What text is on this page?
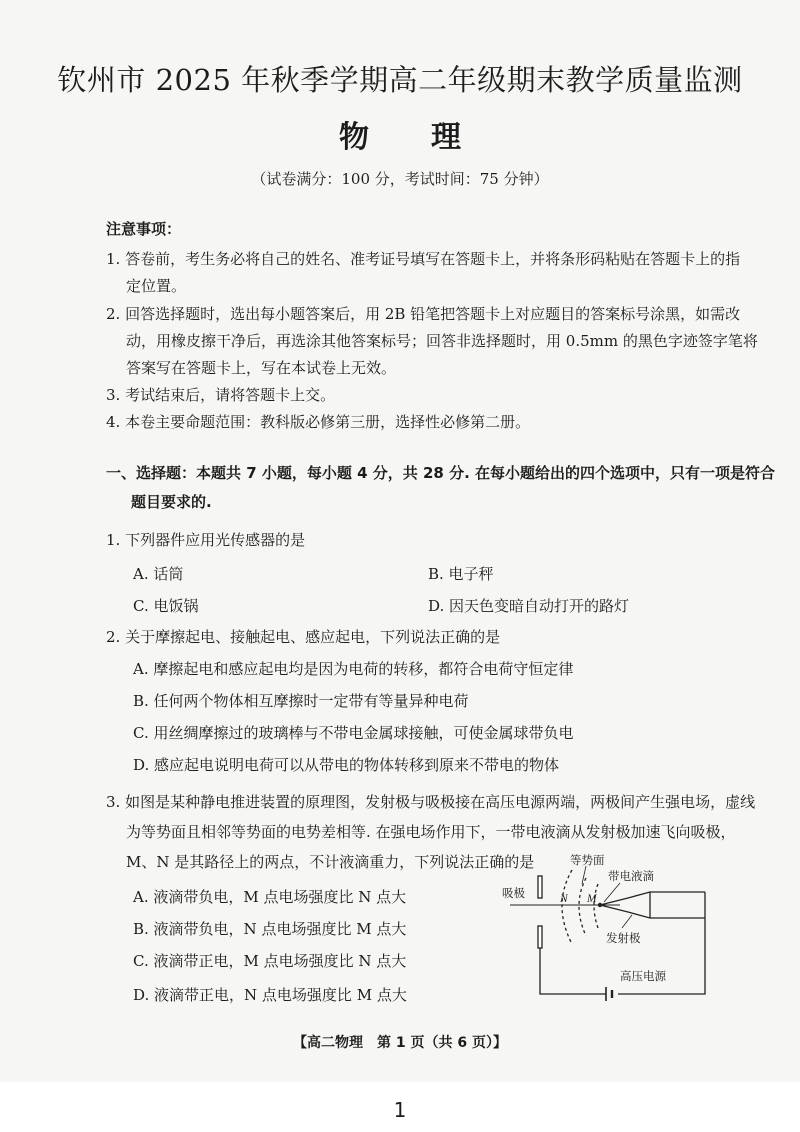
钦州市 2025 年秋季学期高二年级期末教学质量监测
物 理
（试卷满分：100 分，考试时间：75 分钟）
注意事项：
1. 答卷前，考生务必将自己的姓名、准考证号填写在答题卡上，并将条形码粘贴在答题卡上的指
定位置。
2. 回答选择题时，选出每小题答案后，用 2B 铅笔把答题卡上对应题目的答案标号涂黑，如需改
动，用橡皮擦干净后，再选涂其他答案标号；回答非选择题时，用 0.5mm 的黑色字迹签字笔将
答案写在答题卡上，写在本试卷上无效。
3. 考试结束后，请将答题卡上交。
4. 本卷主要命题范围：教科版必修第三册，选择性必修第二册。
一、选择题：本题共 7 小题，每小题 4 分，共 28 分. 在每小题给出的四个选项中，只有一项是符合
题目要求的.
1. 下列器件应用光传感器的是
A. 话筒	B. 电子秤
C. 电饭锅	D. 因天色变暗自动打开的路灯
2. 关于摩擦起电、接触起电、感应起电，下列说法正确的是
A. 摩擦起电和感应起电均是因为电荷的转移，都符合电荷守恒定律
B. 任何两个物体相互摩擦时一定带有等量异种电荷
C. 用丝绸摩擦过的玻璃棒与不带电金属球接触，可使金属球带负电
D. 感应起电说明电荷可以从带电的物体转移到原来不带电的物体
3. 如图是某种静电推进装置的原理图，发射极与吸极接在高压电源两端，两极间产生强电场，虚线
为等势面且相邻等势面的电势差相等. 在强电场作用下，一带电液滴从发射极加速飞向吸极，
M、N 是其路径上的两点，不计液滴重力，下列说法正确的是
A. 液滴带负电，M 点电场强度比 N 点大
B. 液滴带负电，N 点电场强度比 M 点大
C. 液滴带正电，M 点电场强度比 N 点大
D. 液滴带正电，N 点电场强度比 M 点大
吸极
等势面
带电液滴
发射极
高压电源
N M
【高二物理　第 1 页（共 6 页）】
1
